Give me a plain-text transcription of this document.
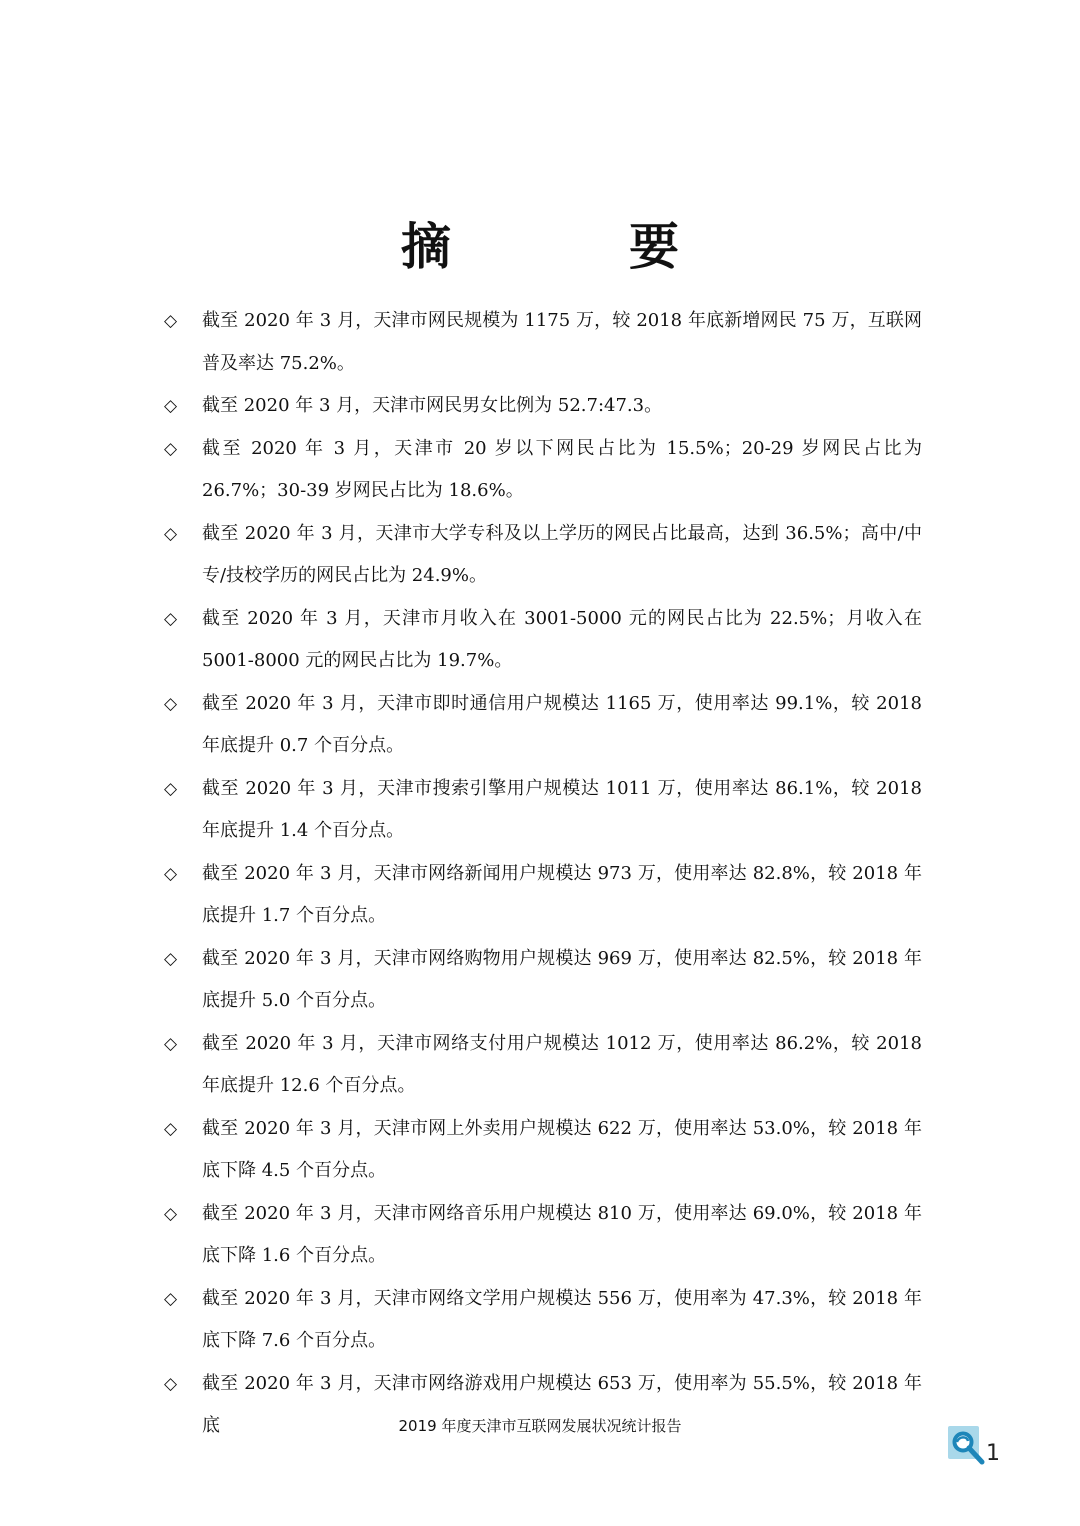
摘　要
◇ 截至 2020 年 3 月，天津市网民规模为 1175 万，较 2018 年底新增网民 75 万，互联网普及率达 75.2%。
◇ 截至 2020 年 3 月，天津市网民男女比例为 52.7:47.3。
◇ 截至 2020 年 3 月，天津市 20 岁以下网民占比为 15.5%；20-29 岁网民占比为 26.7%；30-39 岁网民占比为 18.6%。
◇ 截至 2020 年 3 月，天津市大学专科及以上学历的网民占比最高，达到 36.5%；高中/中专/技校学历的网民占比为 24.9%。
◇ 截至 2020 年 3 月，天津市月收入在 3001-5000 元的网民占比为 22.5%；月收入在 5001-8000 元的网民占比为 19.7%。
◇ 截至 2020 年 3 月，天津市即时通信用户规模达 1165 万，使用率达 99.1%，较 2018 年底提升 0.7 个百分点。
◇ 截至 2020 年 3 月，天津市搜索引擎用户规模达 1011 万，使用率达 86.1%，较 2018 年底提升 1.4 个百分点。
◇ 截至 2020 年 3 月，天津市网络新闻用户规模达 973 万，使用率达 82.8%，较 2018 年底提升 1.7 个百分点。
◇ 截至 2020 年 3 月，天津市网络购物用户规模达 969 万，使用率达 82.5%，较 2018 年底提升 5.0 个百分点。
◇ 截至 2020 年 3 月，天津市网络支付用户规模达 1012 万，使用率达 86.2%，较 2018 年底提升 12.6 个百分点。
◇ 截至 2020 年 3 月，天津市网上外卖用户规模达 622 万，使用率达 53.0%，较 2018 年底下降 4.5 个百分点。
◇ 截至 2020 年 3 月，天津市网络音乐用户规模达 810 万，使用率达 69.0%，较 2018 年底下降 1.6 个百分点。
◇ 截至 2020 年 3 月，天津市网络文学用户规模达 556 万，使用率为 47.3%，较 2018 年底下降 7.6 个百分点。
◇ 截至 2020 年 3 月，天津市网络游戏用户规模达 653 万，使用率为 55.5%，较 2018 年底	2019 年度天津市互联网发展状况统计报告
1
